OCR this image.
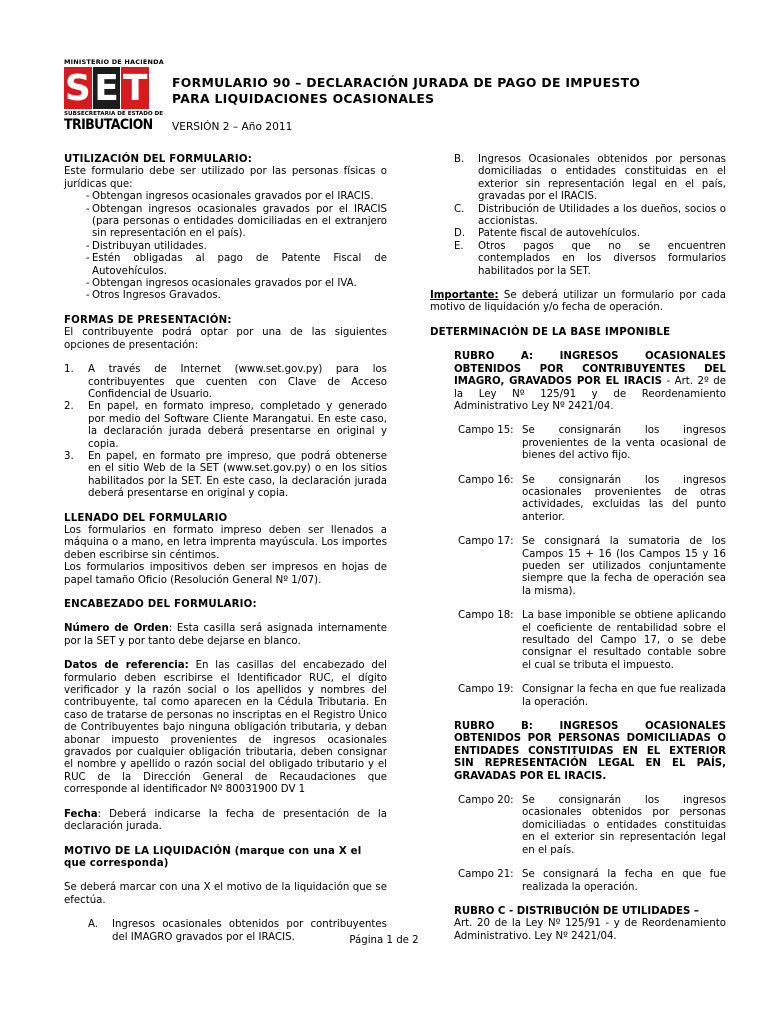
MINISTERIO DE HACIENDA
S E T
SUBSECRETARIA DE ESTADO DE
TRIBUTACION
FORMULARIO 90 – DECLARACIÓN JURADA DE PAGO DE IMPUESTO
PARA LIQUIDACIONES OCASIONALES
VERSIÓN 2 – Año 2011

UTILIZACIÓN DEL FORMULARIO:

Este formulario debe ser utilizado por las personas físicas o jurídicas que:

- Obtengan ingresos ocasionales gravados por el IRACIS.
- Obtengan ingresos ocasionales gravados por el IRACIS (para personas o entidades domiciliadas en el extranjero sin representación en el país).
- Distribuyan utilidades.
- Estén obligadas al pago de Patente Fiscal de Autovehículos.
- Obtengan ingresos ocasionales gravados por el IVA.
- Otros Ingresos Gravados.

FORMAS DE PRESENTACIÓN:

El contribuyente podrá optar por una de las siguientes opciones de presentación:

1.	A través de Internet (www.set.gov.py) para los contribuyentes que cuenten con Clave de Acceso Confidencial de Usuario.
2.	En papel, en formato impreso, completado y generado por medio del Software Cliente Marangatui. En este caso, la declaración jurada deberá presentarse en original y copia.
3.	En papel, en formato pre impreso, que podrá obtenerse en el sitio Web de la SET (www.set.gov.py) o en los sitios habilitados por la SET. En este caso, la declaración jurada deberá presentarse en original y copia.

LLENADO DEL FORMULARIO

Los formularios en formato impreso deben ser llenados a máquina o a mano, en letra imprenta mayúscula. Los importes deben escribirse sin céntimos.

Los formularios impositivos deben ser impresos en hojas de papel tamaño Oficio (Resolución General Nº 1/07).

ENCABEZADO DEL FORMULARIO:

Número de Orden: Esta casilla será asignada internamente por la SET y por tanto debe dejarse en blanco.

Datos de referencia: En las casillas del encabezado del formulario deben escribirse el Identificador RUC, el dígito verificador y la razón social o los apellidos y nombres del contribuyente, tal como aparecen en la Cédula Tributaria. En caso de tratarse de personas no inscriptas en el Registro Único de Contribuyentes bajo ninguna obligación tributaria, y deban abonar impuesto provenientes de ingresos ocasionales gravados por cualquier obligación tributaria, deben consignar el nombre y apellido o razón social del obligado tributario y el RUC de la Dirección General de Recaudaciones que corresponde al identificador Nº 80031900 DV 1

Fecha: Deberá indicarse la fecha de presentación de la declaración jurada.

MOTIVO DE LA LIQUIDACIÓN (marque con una X el que corresponda)

Se deberá marcar con una X el motivo de la liquidación que se efectúa.

A.	Ingresos ocasionales obtenidos por contribuyentes del IMAGRO gravados por el IRACIS.
B.	Ingresos Ocasionales obtenidos por personas domiciliadas o entidades constituidas en el exterior sin representación legal en el país, gravadas por el IRACIS.
C.	Distribución de Utilidades a los dueños, socios o accionistas.
D.	Patente fiscal de autovehículos.
E.	Otros pagos que no se encuentren contemplados en los diversos formularios habilitados por la SET.

Importante: Se deberá utilizar un formulario por cada motivo de liquidación y/o fecha de operación.

DETERMINACIÓN DE LA BASE IMPONIBLE

RUBRO A: INGRESOS OCASIONALES OBTENIDOS POR CONTRIBUYENTES DEL IMAGRO, GRAVADOS POR EL IRACIS - Art. 2º de la Ley Nº 125/91 y de Reordenamiento Administrativo Ley Nº 2421/04.

Campo 15: Se consignarán los ingresos provenientes de la venta ocasional de bienes del activo fijo.
Campo 16: Se consignarán los ingresos ocasionales provenientes de otras actividades, excluidas las del punto anterior.
Campo 17: Se consignará la sumatoria de los Campos 15 + 16 (los Campos 15 y 16 pueden ser utilizados conjuntamente siempre que la fecha de operación sea la misma).
Campo 18: La base imponible se obtiene aplicando el coeficiente de rentabilidad sobre el resultado del Campo 17, o se debe consignar el resultado contable sobre el cual se tributa el impuesto.
Campo 19: Consignar la fecha en que fue realizada la operación.

RUBRO B: INGRESOS OCASIONALES OBTENIDOS POR PERSONAS DOMICILIADAS O ENTIDADES CONSTITUIDAS EN EL EXTERIOR SIN REPRESENTACIÓN LEGAL EN EL PAÍS, GRAVADAS POR EL IRACIS.

Campo 20: Se consignarán los ingresos ocasionales obtenidos por personas domiciliadas o entidades constituidas en el exterior sin representación legal en el país.
Campo 21: Se consignará la fecha en que fue realizada la operación.

RUBRO C - DISTRIBUCIÓN DE UTILIDADES –
Art. 20 de la Ley Nº 125/91 - y de Reordenamiento Administrativo. Ley Nº 2421/04.

Página 1 de 2
